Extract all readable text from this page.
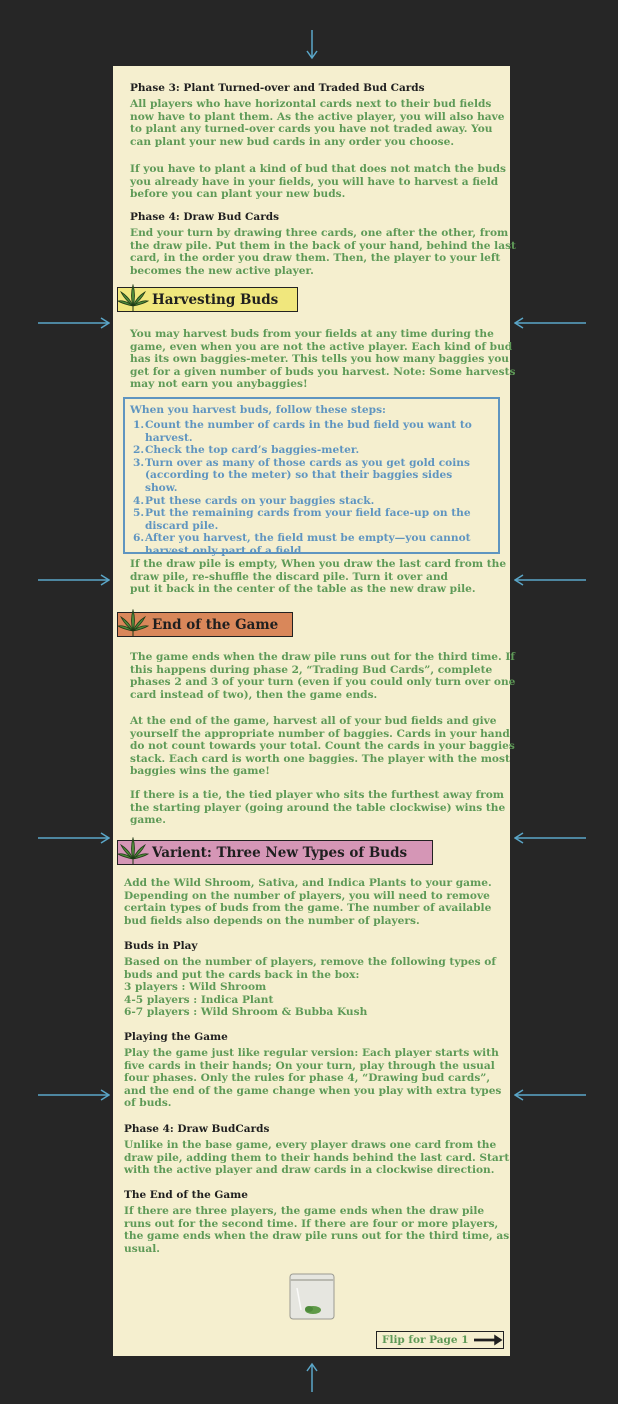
Phase 3: Plant Turned-over and Traded Bud Cards

All players who have horizontal cards next to their bud fields
now have to plant them. As the active player, you will also have
to plant any turned-over cards you have not traded away. You
can plant your new bud cards in any order you choose.

If you have to plant a kind of bud that does not match the buds
you already have in your fields, you will have to harvest a field
before you can plant your new buds.

Phase 4: Draw Bud Cards

End your turn by drawing three cards, one after the other, from
the draw pile. Put them in the back of your hand, behind the last
card, in the order you draw them. Then, the player to your left
becomes the new active player.

Harvesting Buds

You may harvest buds from your fields at any time during the
game, even when you are not the active player. Each kind of bud
has its own baggies-meter. This tells you how many baggies you
get for a given number of buds you harvest. Note: Some harvests
may not earn you anybaggies!

When you harvest buds, follow these steps:
1. Count the number of cards in the bud field you want to
harvest.
2. Check the top card’s baggies-meter.
3. Turn over as many of those cards as you get gold coins
(according to the meter) so that their baggies sides show.
4. Put these cards on your baggies stack.
5. Put the remaining cards from your field face-up on the
discard pile.
6. After you harvest, the field must be empty—you cannot
harvest only part of a field.

If the draw pile is empty, When you draw the last card from the
draw pile, re-shuffle the discard pile. Turn it over and
put it back in the center of the table as the new draw pile.

End of the Game

The game ends when the draw pile runs out for the third time. If
this happens during phase 2, “Trading Bud Cards”, complete
phases 2 and 3 of your turn (even if you could only turn over one
card instead of two), then the game ends.

At the end of the game, harvest all of your bud fields and give
yourself the appropriate number of baggies. Cards in your hand
do not count towards your total. Count the cards in your baggies
stack. Each card is worth one baggies. The player with the most
baggies wins the game!

If there is a tie, the tied player who sits the furthest away from
the starting player (going around the table clockwise) wins the
game.

Varient: Three New Types of Buds

Add the Wild Shroom, Sativa, and Indica Plants to your game.
Depending on the number of players, you will need to remove
certain types of buds from the game. The number of available
bud fields also depends on the number of players.

Buds in Play

Based on the number of players, remove the following types of
buds and put the cards back in the box:
3 players : Wild Shroom
4-5 players : Indica Plant
6-7 players : Wild Shroom & Bubba Kush

Playing the Game

Play the game just like regular version: Each player starts with
five cards in their hands; On your turn, play through the usual
four phases. Only the rules for phase 4, “Drawing bud cards”,
and the end of the game change when you play with extra types
of buds.

Phase 4: Draw BudCards

Unlike in the base game, every player draws one card from the
draw pile, adding them to their hands behind the last card. Start
with the active player and draw cards in a clockwise direction.

The End of the Game

If there are three players, the game ends when the draw pile
runs out for the second time. If there are four or more players,
the game ends when the draw pile runs out for the third time, as
usual.

Flip for Page 1
